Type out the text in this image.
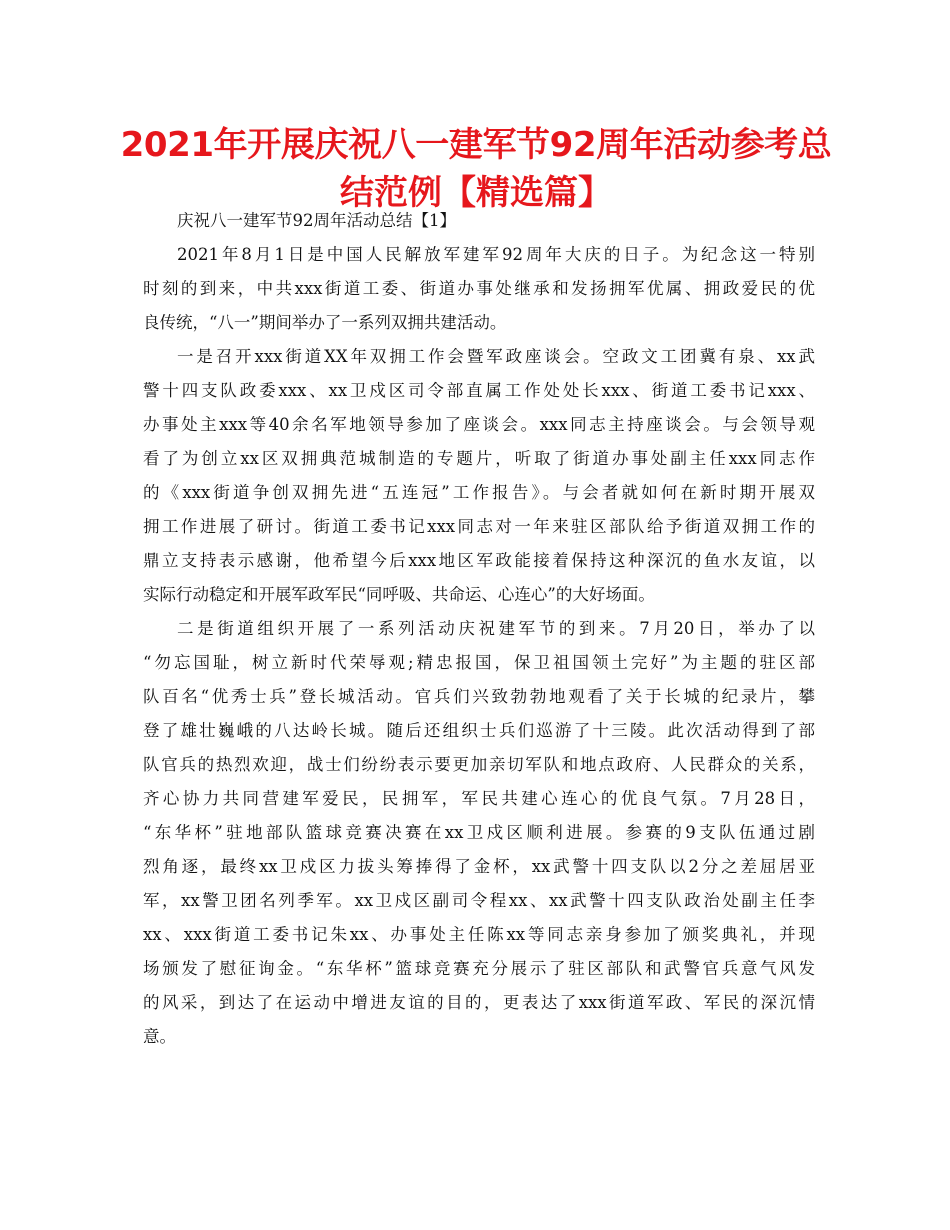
2021年开展庆祝八一建军节92周年活动参考总
结范例【精选篇】
庆祝八一建军节92周年活动总结【1】
2021年8月1日是中国人民解放军建军92周年大庆的日子。为纪念这一特别
时刻的到来，中共xxx街道工委、街道办事处继承和发扬拥军优属、拥政爱民的优
良传统，“八一”期间举办了一系列双拥共建活动。
一是召开xxx街道XX年双拥工作会暨军政座谈会。空政文工团冀有泉、xx武
警十四支队政委xxx、xx卫戍区司令部直属工作处处长xxx、街道工委书记xxx、
办事处主xxx等40余名军地领导参加了座谈会。xxx同志主持座谈会。与会领导观
看了为创立xx区双拥典范城制造的专题片，听取了街道办事处副主任xxx同志作
的《xxx街道争创双拥先进“五连冠”工作报告》。与会者就如何在新时期开展双
拥工作进展了研讨。街道工委书记xxx同志对一年来驻区部队给予街道双拥工作的
鼎立支持表示感谢，他希望今后xxx地区军政能接着保持这种深沉的鱼水友谊，以
实际行动稳定和开展军政军民“同呼吸、共命运、心连心”的大好场面。
二是街道组织开展了一系列活动庆祝建军节的到来。7月20日，举办了以
“勿忘国耻，树立新时代荣辱观;精忠报国，保卫祖国领土完好”为主题的驻区部
队百名“优秀士兵”登长城活动。官兵们兴致勃勃地观看了关于长城的纪录片，攀
登了雄壮巍峨的八达岭长城。随后还组织士兵们巡游了十三陵。此次活动得到了部
队官兵的热烈欢迎，战士们纷纷表示要更加亲切军队和地点政府、人民群众的关系，
齐心协力共同营建军爱民，民拥军，军民共建心连心的优良气氛。7月28日，
“东华杯”驻地部队篮球竞赛决赛在xx卫戍区顺利进展。参赛的9支队伍通过剧
烈角逐，最终xx卫戍区力拔头筹捧得了金杯，xx武警十四支队以2分之差屈居亚
军，xx警卫团名列季军。xx卫戍区副司令程xx、xx武警十四支队政治处副主任李
xx、xxx街道工委书记朱xx、办事处主任陈xx等同志亲身参加了颁奖典礼，并现
场颁发了慰征询金。“东华杯”篮球竞赛充分展示了驻区部队和武警官兵意气风发
的风采，到达了在运动中增进友谊的目的，更表达了xxx街道军政、军民的深沉情
意。
